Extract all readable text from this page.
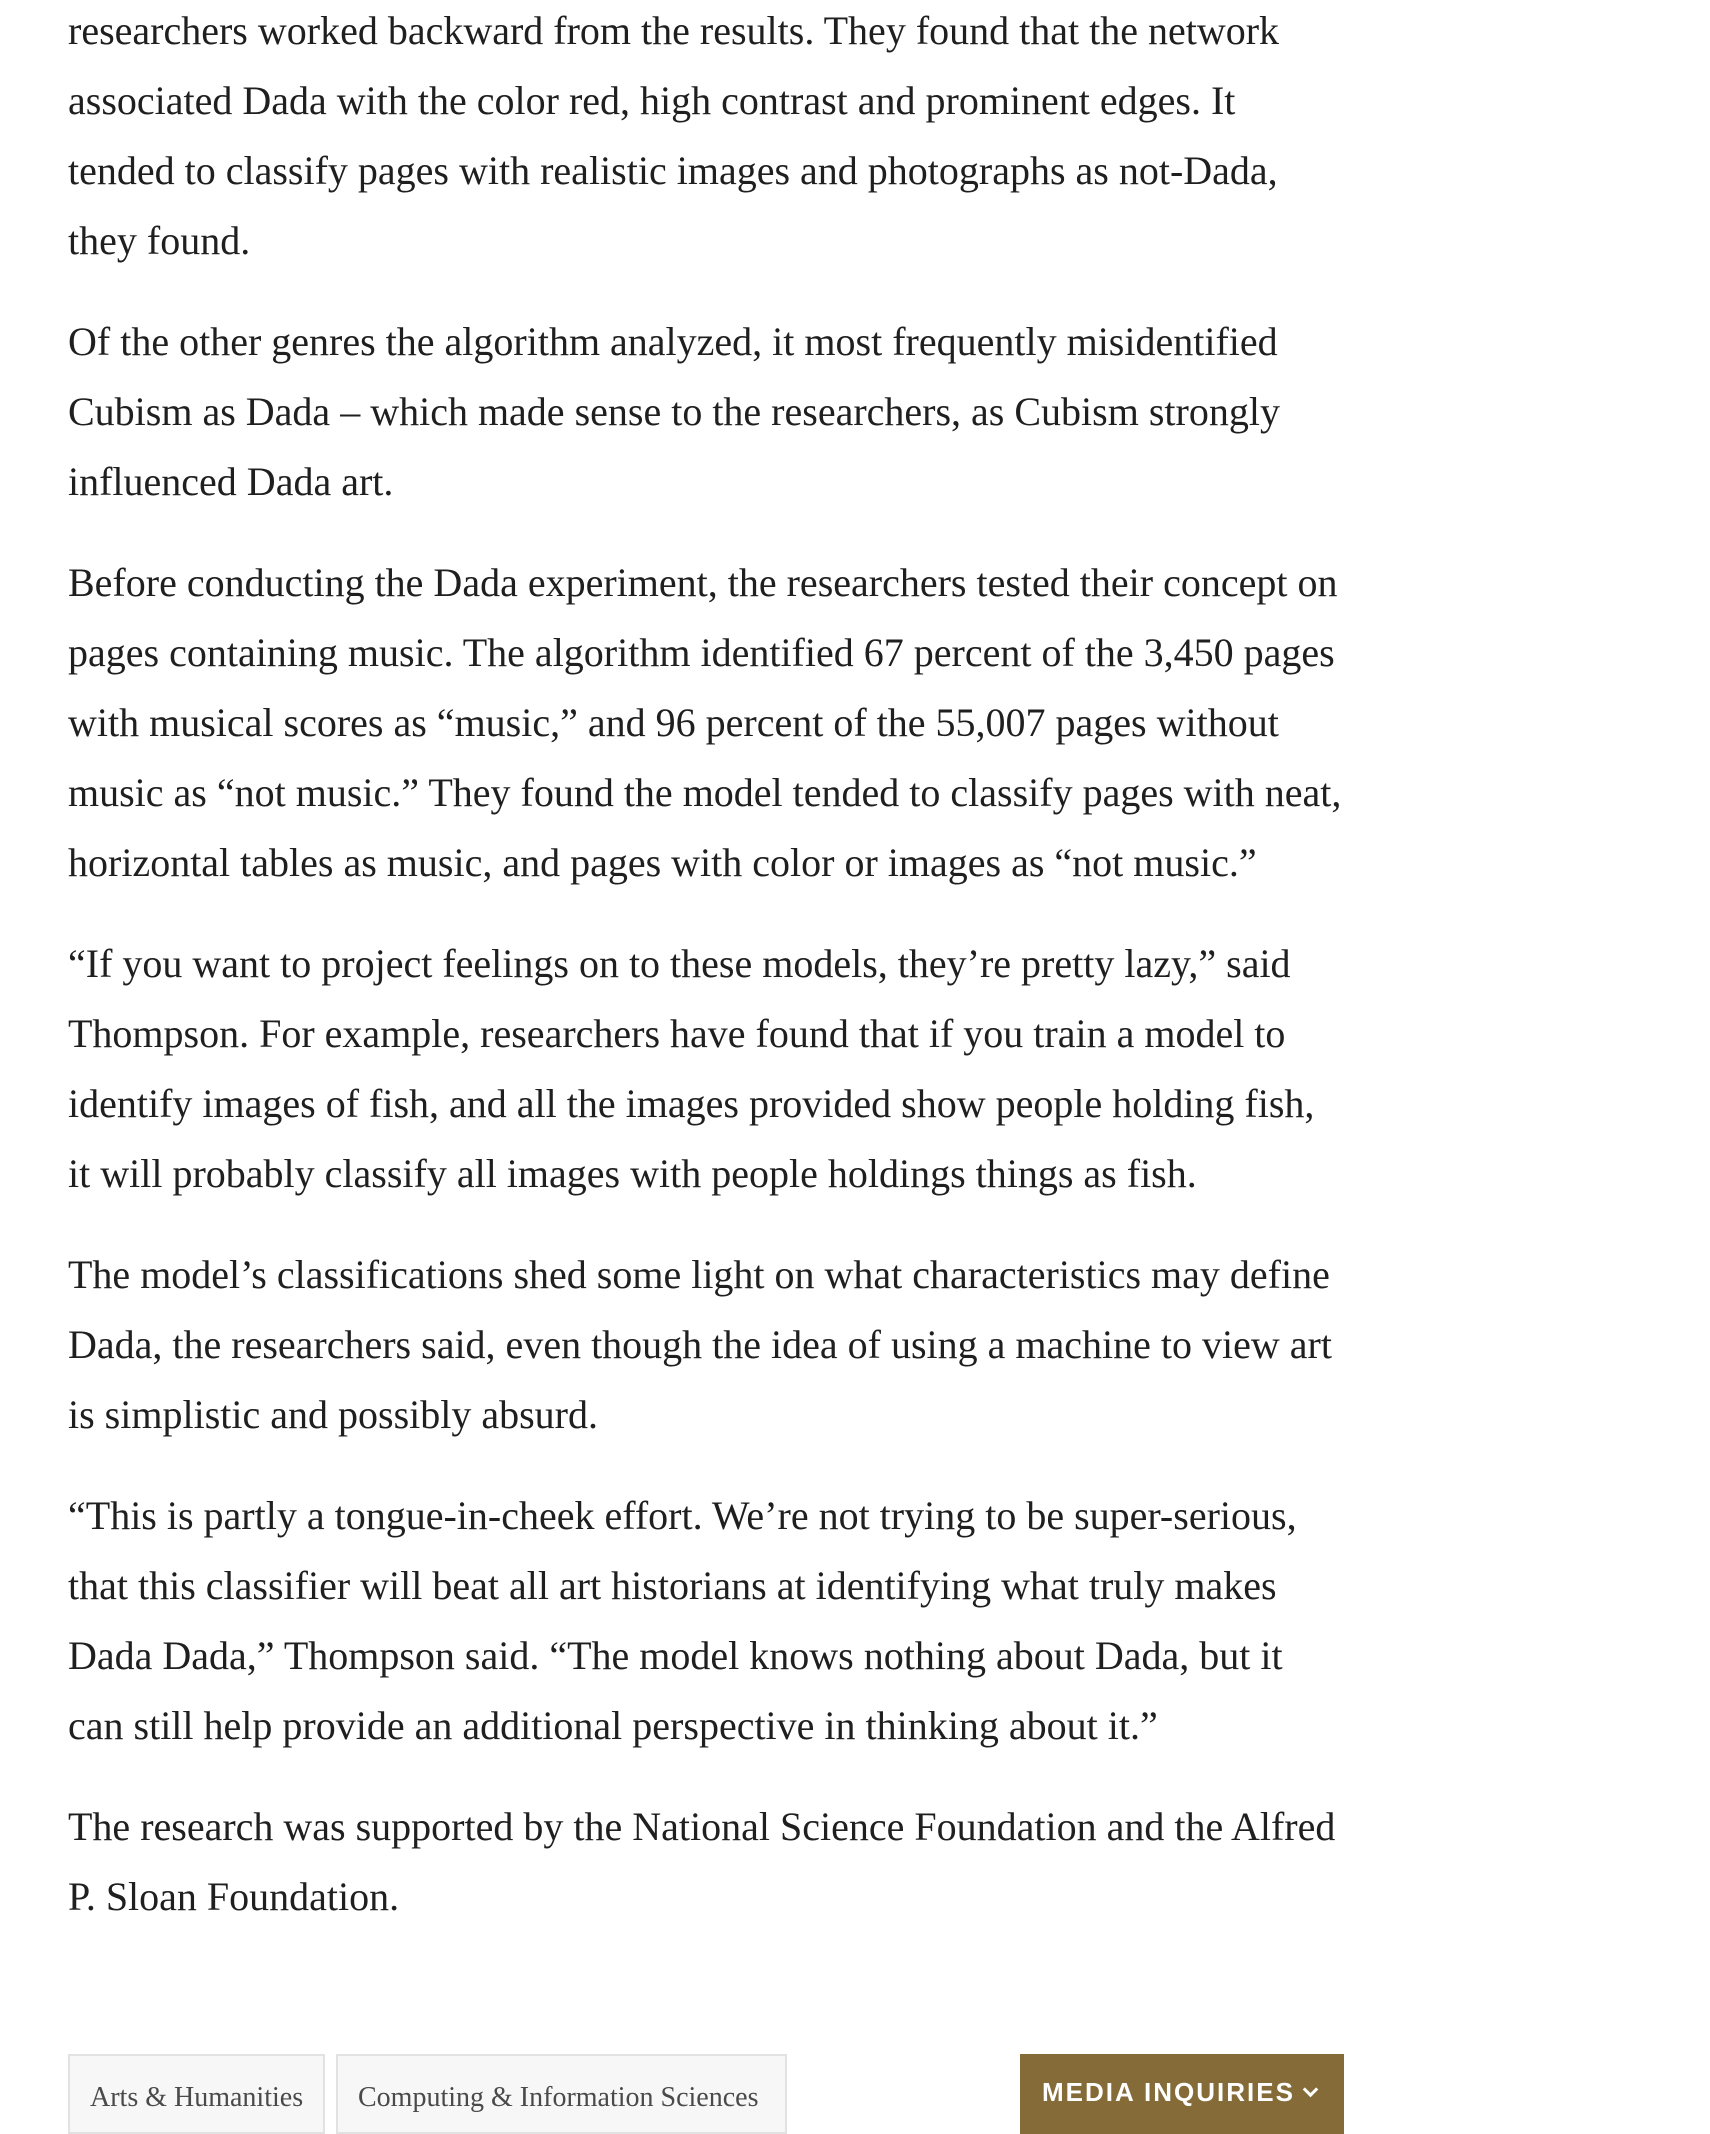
researchers worked backward from the results. They found that the network associated Dada with the color red, high contrast and prominent edges. It tended to classify pages with realistic images and photographs as not-Dada, they found.

Of the other genres the algorithm analyzed, it most frequently misidentified Cubism as Dada – which made sense to the researchers, as Cubism strongly influenced Dada art.

Before conducting the Dada experiment, the researchers tested their concept on pages containing music. The algorithm identified 67 percent of the 3,450 pages with musical scores as “music,” and 96 percent of the 55,007 pages without music as “not music.” They found the model tended to classify pages with neat, horizontal tables as music, and pages with color or images as “not music.”

“If you want to project feelings on to these models, they’re pretty lazy,” said Thompson. For example, researchers have found that if you train a model to identify images of fish, and all the images provided show people holding fish, it will probably classify all images with people holdings things as fish.

The model’s classifications shed some light on what characteristics may define Dada, the researchers said, even though the idea of using a machine to view art is simplistic and possibly absurd.

“This is partly a tongue-in-cheek effort. We’re not trying to be super-serious, that this classifier will beat all art historians at identifying what truly makes Dada Dada,” Thompson said. “The model knows nothing about Dada, but it can still help provide an additional perspective in thinking about it.”

The research was supported by the National Science Foundation and the Alfred P. Sloan Foundation.

Arts & Humanities	Computing & Information Sciences	MEDIA INQUIRIES
